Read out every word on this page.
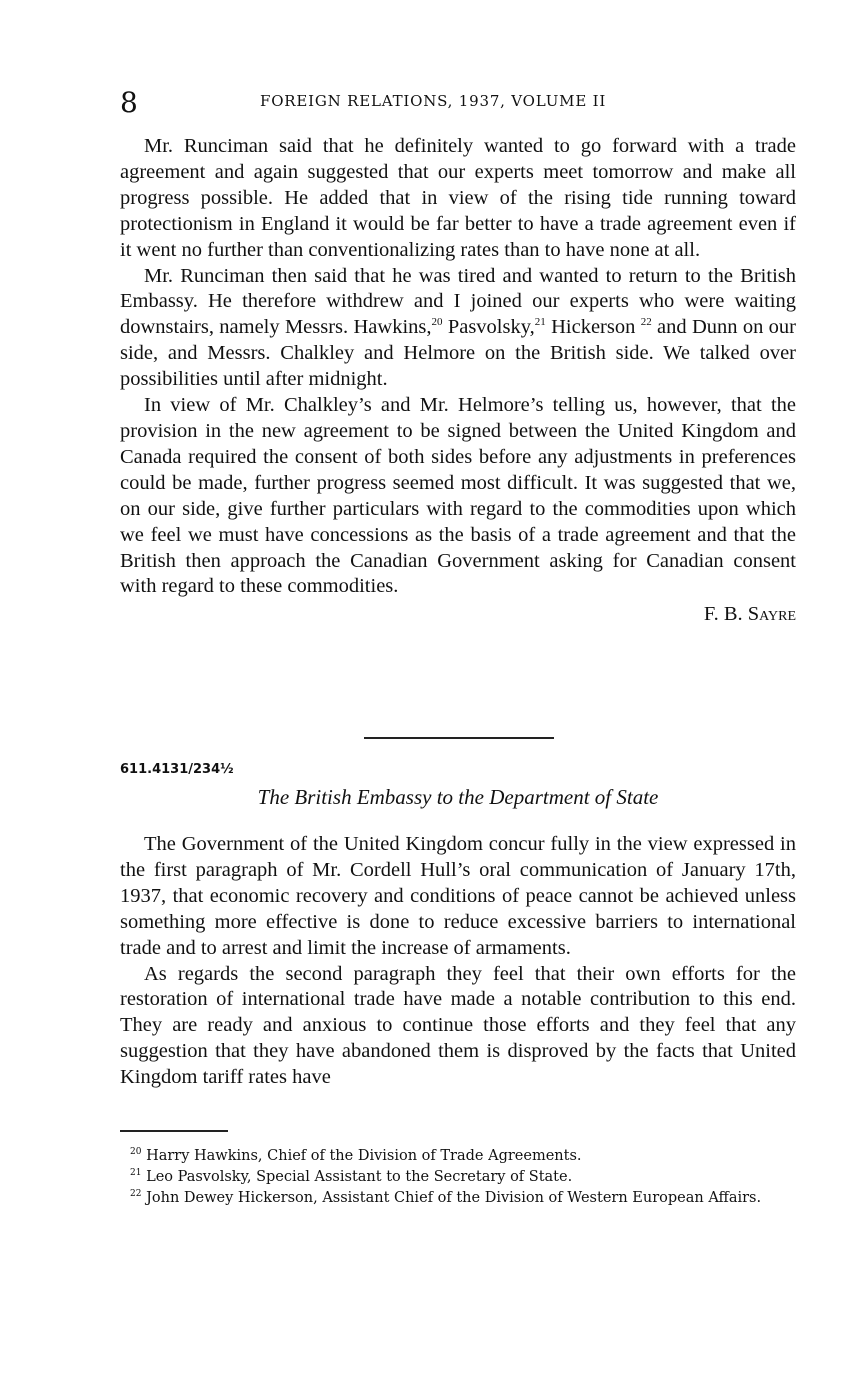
8	FOREIGN RELATIONS, 1937, VOLUME II

Mr. Runciman said that he definitely wanted to go forward with a trade agreement and again suggested that our experts meet tomorrow and make all progress possible. He added that in view of the rising tide running toward protectionism in England it would be far better to have a trade agreement even if it went no further than conventionalizing rates than to have none at all.

Mr. Runciman then said that he was tired and wanted to return to the British Embassy. He therefore withdrew and I joined our experts who were waiting downstairs, namely Messrs. Hawkins,$^{20}$ Pasvolsky,$^{21}$ Hickerson $^{22}$ and Dunn on our side, and Messrs. Chalkley and Helmore on the British side. We talked over possibilities until after midnight.

In view of Mr. Chalkley’s and Mr. Helmore’s telling us, however, that the provision in the new agreement to be signed between the United Kingdom and Canada required the consent of both sides before any adjustments in preferences could be made, further progress seemed most difficult. It was suggested that we, on our side, give further particulars with regard to the commodities upon which we feel we must have concessions as the basis of a trade agreement and that the British then approach the Canadian Government asking for Canadian consent with regard to these commodities.

F. B. Sayre
611.4131/234½
The British Embassy to the Department of State

The Government of the United Kingdom concur fully in the view expressed in the first paragraph of Mr. Cordell Hull’s oral communication of January 17th, 1937, that economic recovery and conditions of peace cannot be achieved unless something more effective is done to reduce excessive barriers to international trade and to arrest and limit the increase of armaments.

As regards the second paragraph they feel that their own efforts for the restoration of international trade have made a notable contribution to this end. They are ready and anxious to continue those efforts and they feel that any suggestion that they have abandoned them is disproved by the facts that United Kingdom tariff rates have

$^{20}$ Harry Hawkins, Chief of the Division of Trade Agreements.

$^{21}$ Leo Pasvolsky, Special Assistant to the Secretary of State.

$^{22}$ John Dewey Hickerson, Assistant Chief of the Division of Western European Affairs.
